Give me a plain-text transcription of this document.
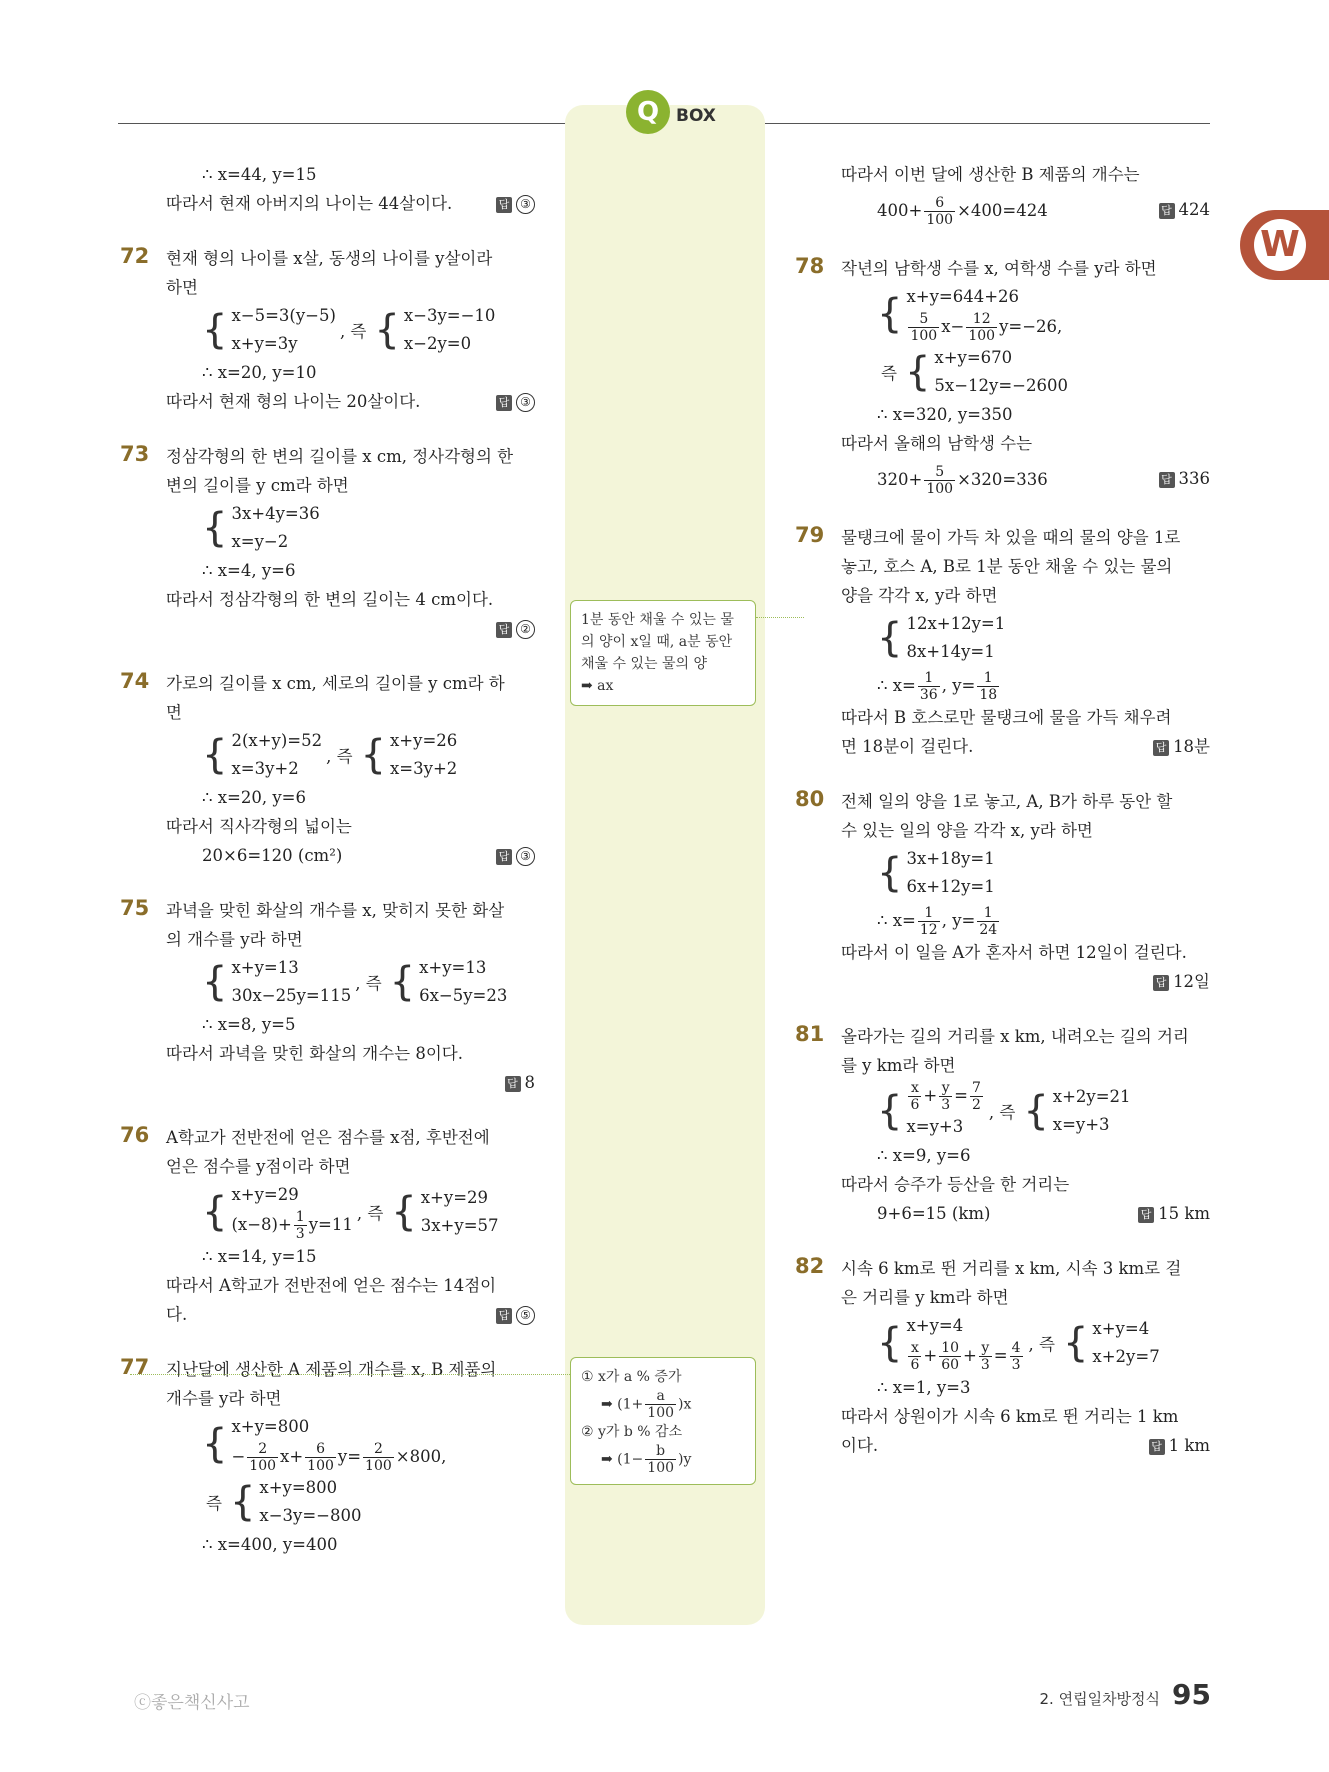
Q BOX
W
∴ x=44, y=15
따라서 현재 아버지의 나이는 44살이다.	답 ③
72 현재 형의 나이를 x살, 동생의 나이를 y살이라
하면
{ x−5=3(y−5)
x+y=3y
, 즉 { x−3y=−10
x−2y=0
∴ x=20, y=10
따라서 현재 형의 나이는 20살이다.	답 ③
73 정삼각형의 한 변의 길이를 x cm, 정사각형의 한
변의 길이를 y cm라 하면
{ 3x+4y=36
x=y−2
∴ x=4, y=6
따라서 정삼각형의 한 변의 길이는 4 cm이다.
답 ②
74 가로의 길이를 x cm, 세로의 길이를 y cm라 하
면
{ 2(x+y)=52
x=3y+2
, 즉 { x+y=26
x=3y+2
∴ x=20, y=6
따라서 직사각형의 넓이는
20×6=120 (cm²)	답 ③
75 과녁을 맞힌 화살의 개수를 x, 맞히지 못한 화살
의 개수를 y라 하면
{ x+y=13
30x−25y=115
, 즉 { x+y=13
6x−5y=23
∴ x=8, y=5
따라서 과녁을 맞힌 화살의 개수는 8이다.
답 8
76 A학교가 전반전에 얻은 점수를 x점, 후반전에
얻은 점수를 y점이라 하면
{ x+y=29
$(x-8)+ \frac{1}{3} y=11$
, 즉 { x+y=29
3x+y=57
∴ x=14, y=15
따라서 A학교가 전반전에 얻은 점수는 14점이
다.	답 ⑤
77 지난달에 생산한 A 제품의 개수를 x, B 제품의
개수를 y라 하면
{ x+y=800
− $\frac{2}{100} x+ \frac{6}{100} y= \frac{2}{100} \times 800$,
즉 { x+y=800
x−3y=−800
∴ x=400, y=400
따라서 이번 달에 생산한 B 제품의 개수는
$400+ \frac{6}{100} \times 400=424$	답 424
78 작년의 남학생 수를 x, 여학생 수를 y라 하면
{ x+y=644+26
$\frac{5}{100} x- \frac{12}{100} y=-26$,
즉 { x+y=670
5x−12y=−2600
∴ x=320, y=350
따라서 올해의 남학생 수는
$320+ \frac{5}{100} \times 320=336$	답 336
79 물탱크에 물이 가득 차 있을 때의 물의 양을 1로
놓고, 호스 A, B로 1분 동안 채울 수 있는 물의
양을 각각 x, y라 하면
{ 12x+12y=1
8x+14y=1
∴ $x= \frac{1}{36}$ , $y= \frac{1}{18}$
따라서 B 호스로만 물탱크에 물을 가득 채우려
면 18분이 걸린다.	답 18분
80 전체 일의 양을 1로 놓고, A, B가 하루 동안 할
수 있는 일의 양을 각각 x, y라 하면
{ 3x+18y=1
6x+12y=1
∴ $x= \frac{1}{12}$ , $y= \frac{1}{24}$
따라서 이 일을 A가 혼자서 하면 12일이 걸린다.
답 12일
81 올라가는 길의 거리를 x km, 내려오는 길의 거리
를 y km라 하면
{ $\frac{x}{6} + \frac{y}{3} = \frac{7}{2}$
x=y+3
, 즉 { x+2y=21
x=y+3
∴ x=9, y=6
따라서 승주가 등산을 한 거리는
9+6=15 (km)	답 15 km
82 시속 6 km로 뛴 거리를 x km, 시속 3 km로 걸
은 거리를 y km라 하면
{ x+y=4
$\frac{x}{6} + \frac{10}{60} + \frac{y}{3} = \frac{4}{3}$ , 즉 { x+y=4
x+2y=7
∴ x=1, y=3
따라서 상원이가 시속 6 km로 뛴 거리는 1 km
이다.	답 1 km
1분 동안 채울 수 있는 물
의 양이 x일 때, a분 동안
채울 수 있는 물의 양
➡ ax
① x가 a % 증가
➡ $(1+ \frac{a}{100} )x$
② y가 b % 감소
➡ $(1- \frac{b}{100} )y$
ⓒ좋은책신사고	2. 연립일차방정식 95
